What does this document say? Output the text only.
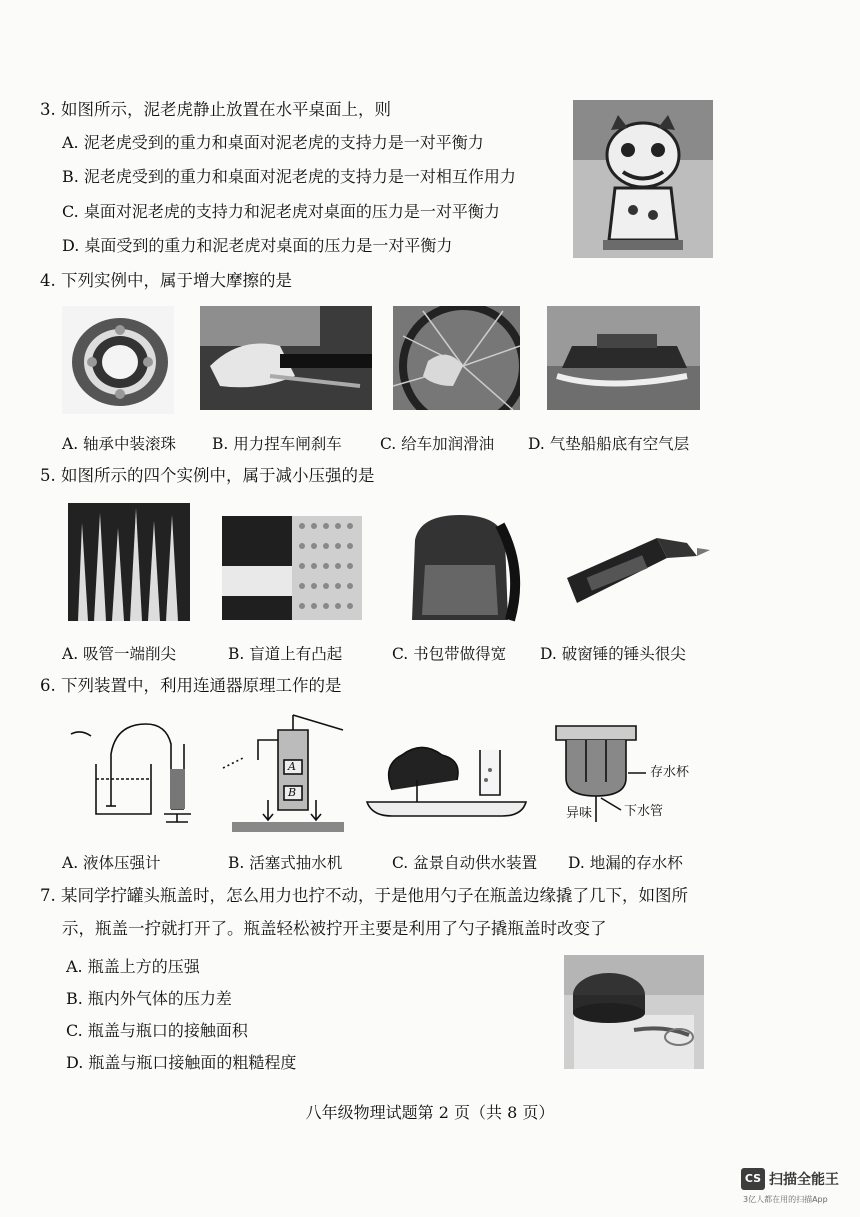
3. 如图所示，泥老虎静止放置在水平桌面上，则
A. 泥老虎受到的重力和桌面对泥老虎的支持力是一对平衡力
B. 泥老虎受到的重力和桌面对泥老虎的支持力是一对相互作用力
C. 桌面对泥老虎的支持力和泥老虎对桌面的压力是一对平衡力
D. 桌面受到的重力和泥老虎对桌面的压力是一对平衡力
4. 下列实例中，属于增大摩擦的是
A. 轴承中装滚珠 B. 用力捏车闸刹车 C. 给车加润滑油 D. 气垫船船底有空气层
5. 如图所示的四个实例中，属于减小压强的是
A. 吸管一端削尖	B. 盲道上有凸起	C. 书包带做得宽 D. 破窗锤的锤头很尖
6. 下列装置中，利用连通器原理工作的是
A
B
存水杯
下水管
异味
A. 液体压强计	B. 活塞式抽水机	C. 盆景自动供水装置 D. 地漏的存水杯
7. 某同学拧罐头瓶盖时，怎么用力也拧不动，于是他用勺子在瓶盖边缘撬了几下，如图所
示，瓶盖一拧就打开了。瓶盖轻松被拧开主要是利用了勺子撬瓶盖时改变了
A. 瓶盖上方的压强
B. 瓶内外气体的压力差
C. 瓶盖与瓶口的接触面积
D. 瓶盖与瓶口接触面的粗糙程度
八年级物理试题第 2 页（共 8 页）
CS 扫描全能王
3亿人都在用的扫描App
